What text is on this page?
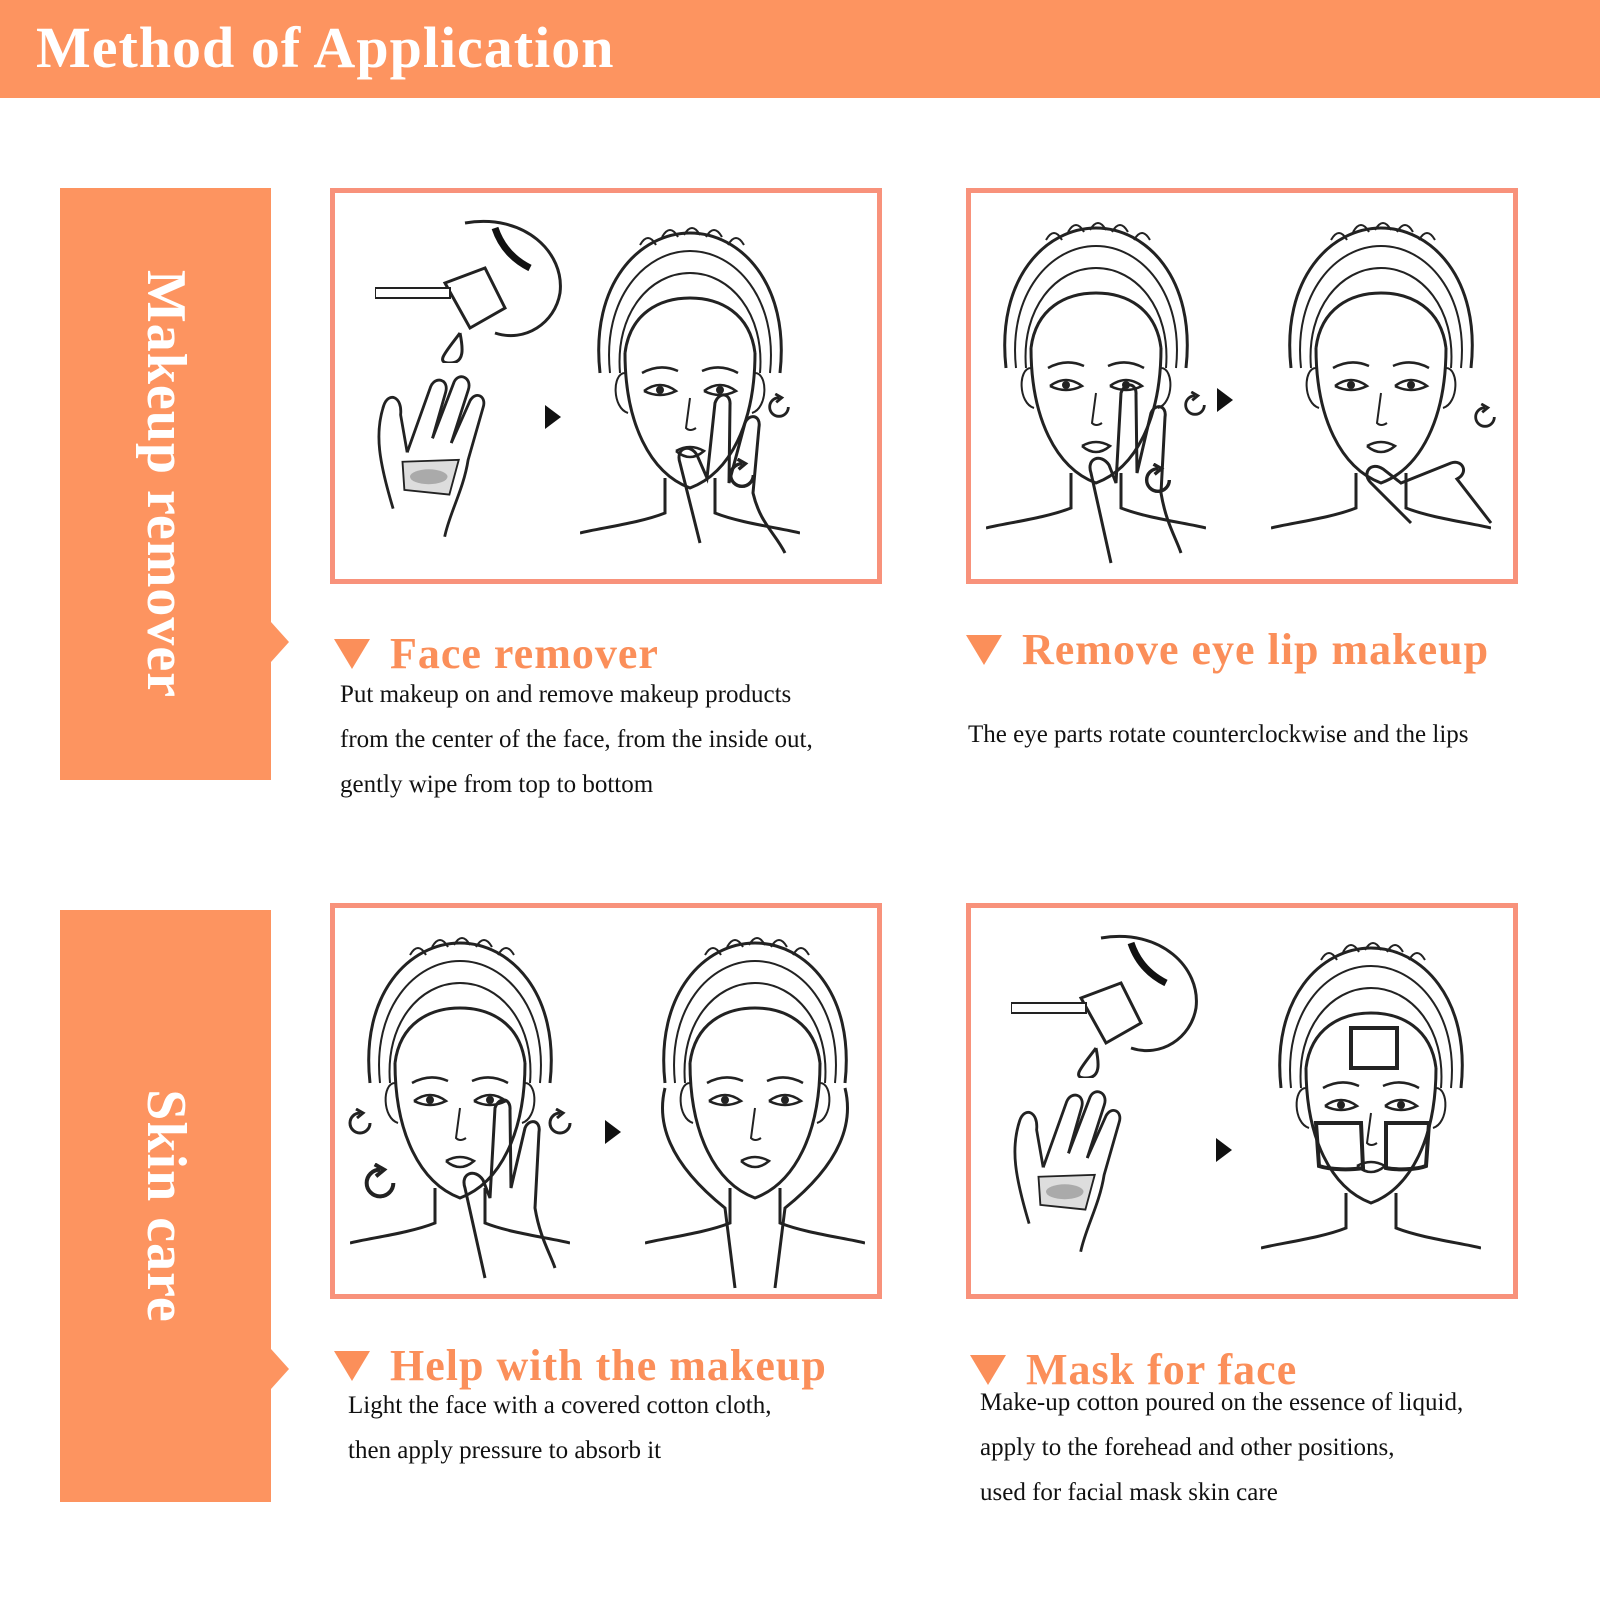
Method of Application
Makeup remover
Skin care
Face remover
Put makeup on and remove makeup products
from the center of the face, from the inside out,
gently wipe from top to bottom
Remove eye lip makeup
The eye parts rotate counterclockwise and the lips
Help with the makeup
Light the face with a covered cotton cloth,
then apply pressure to absorb it
Mask for face
Make-up cotton poured on the essence of liquid,
apply to the forehead and other positions,
used for facial mask skin care
